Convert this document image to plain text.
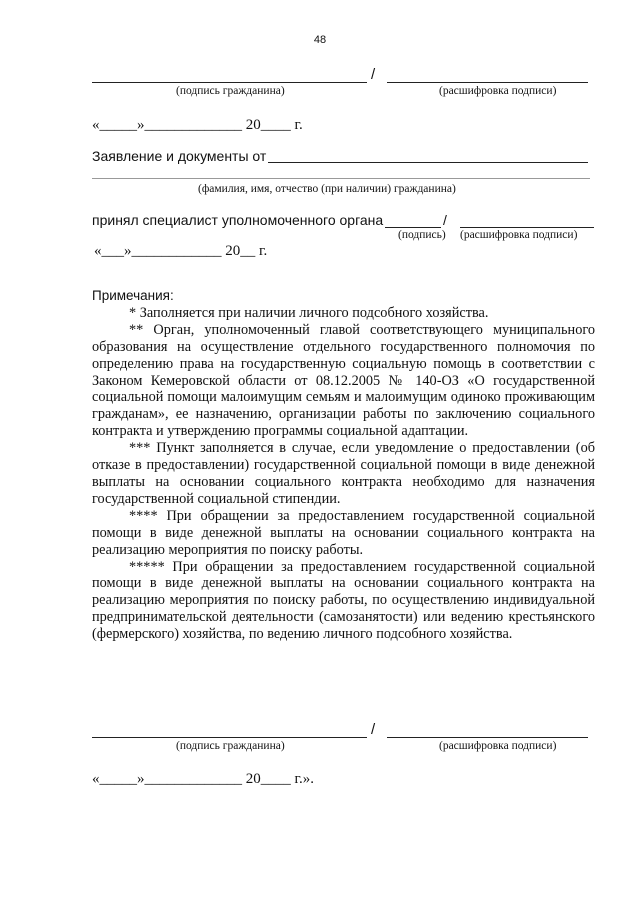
48
/
(подпись гражданина)	(расшифровка подписи)
«_____»_____________ 20____ г.
Заявление и документы от
(фамилия, имя, отчество (при наличии) гражданина)
принял специалист уполномоченного органа	/
(подпись) (расшифровка подписи)
«___»____________ 20__ г.

Примечания:

* Заполняется при наличии личного подсобного хозяйства.

** Орган, уполномоченный главой соответствующего муниципального образования на осуществление отдельного государственного полномочия по определению права на государственную социальную помощь в соответствии с Законом Кемеровской области от 08.12.2005 № 140-ОЗ «О государственной социальной помощи малоимущим семьям и малоимущим одиноко проживающим гражданам», ее назначению, организации работы по заключению социального контракта и утверждению программы социальной адаптации.

*** Пункт заполняется в случае, если уведомление о предоставлении (об отказе в предоставлении) государственной социальной помощи в виде денежной выплаты на основании социального контракта необходимо для назначения государственной социальной стипендии.

**** При обращении за предоставлением государственной социальной помощи в виде денежной выплаты на основании социального контракта на реализацию мероприятия по поиску работы.

***** При обращении за предоставлением государственной социальной помощи в виде денежной выплаты на основании социального контракта на реализацию мероприятия по поиску работы, по осуществлению индивидуальной предпринимательской деятельности (самозанятости) или ведению крестьянского (фермерского) хозяйства, по ведению личного подсобного хозяйства.

/
(подпись гражданина)	(расшифровка подписи)
«_____»_____________ 20____ г.».
